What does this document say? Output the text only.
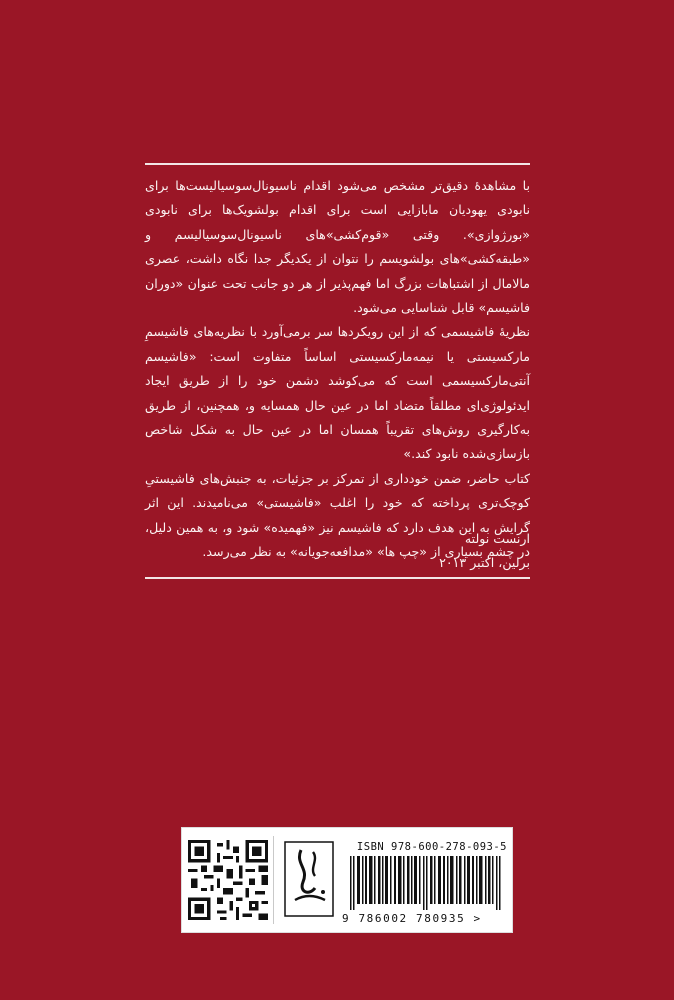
با مشاهدۀ دقیق‌تر مشخص می‌شود اقدام ناسیونال‌سوسیالیست‌ها برای نابودی یهودیان مابازایی است برای اقدام بولشویک‌ها برای نابودی «بورژوازی». وقتی «قوم‌کشی»های ناسیونال‌سوسیالیسم و «طبقه‌کشی»های بولشویسم را نتوان از یکدیگر جدا نگاه داشت، عصری مالامال از اشتباهات بزرگ اما فهم‌پذیر از هر دو جانب تحت عنوان «دوران فاشیسم» قابل شناسایی می‌شود.

نظریۀ فاشیسمی که از این رویکردها سر برمی‌آورد با نظریه‌های فاشیسمِ مارکسیستی یا نیمه‌مارکسیستی اساساً متفاوت است: «فاشیسم آنتی‌مارکسیسمی است که می‌کوشد دشمن خود را از طریق ایجاد ایدئولوژی‌ای مطلقاً متضاد اما در عین حال همسایه و، همچنین، از طریق به‌کارگیری روش‌های تقریباً همسان اما در عین حال به شکل شاخص بازسازی‌شده نابود کند.»

کتاب حاضر، ضمن خودداری از تمرکز بر جزئیات، به جنبش‌های فاشیستیِ کوچک‌تری پرداخته که خود را اغلب «فاشیستی» می‌نامیدند. این اثر گرایش به این هدف دارد که فاشیسم نیز «فهمیده» شود و، به همین دلیل، در چشم بسیاری از «چپ ها» «مدافعه‌جویانه» به نظر می‌رسد.

ارنست نولته
برلین، اکتبر ۲۰۱۳
ISBN 978-600-278-093-5
9 786002 780935 >
